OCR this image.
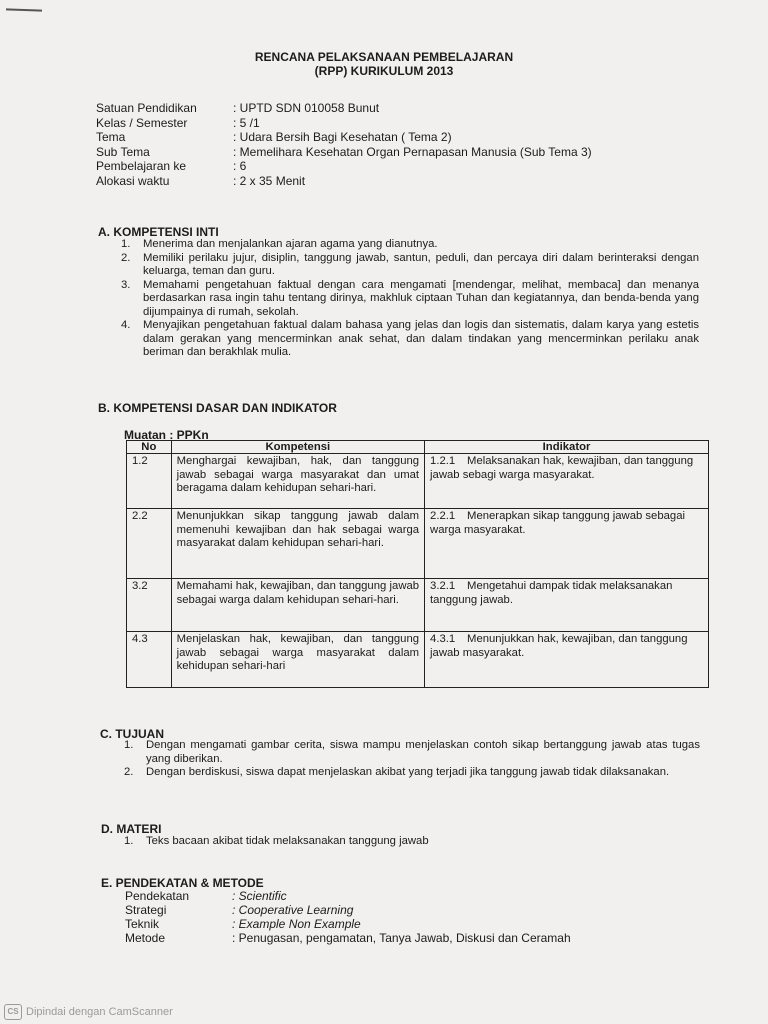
RENCANA PELAKSANAAN PEMBELAJARAN
(RPP) KURIKULUM 2013
Satuan Pendidikan	: UPTD SDN 010058 Bunut
Kelas / Semester	: 5 /1
Tema	: Udara Bersih Bagi Kesehatan ( Tema 2)
Sub Tema	: Memelihara Kesehatan Organ Pernapasan Manusia (Sub Tema 3)
Pembelajaran ke	: 6
Alokasi waktu	: 2 x 35 Menit
A. KOMPETENSI INTI
1.	Menerima dan menjalankan ajaran agama yang dianutnya.
2.	Memiliki perilaku jujur, disiplin, tanggung jawab, santun, peduli, dan percaya diri dalam berinteraksi dengan keluarga, teman dan guru.
3.	Memahami pengetahuan faktual dengan cara mengamati [mendengar, melihat, membaca] dan menanya berdasarkan rasa ingin tahu tentang dirinya, makhluk ciptaan Tuhan dan kegiatannya, dan benda-benda yang dijumpainya di rumah, sekolah.
4.	Menyajikan pengetahuan faktual dalam bahasa yang jelas dan logis dan sistematis, dalam karya yang estetis dalam gerakan yang mencerminkan anak sehat, dan dalam tindakan yang mencerminkan perilaku anak beriman dan berakhlak mulia.
B. KOMPETENSI DASAR DAN INDIKATOR
Muatan : PPKn
No	Kompetensi	Indikator
1.2	Menghargai kewajiban, hak, dan tanggung jawab sebagai warga masyarakat dan umat beragama dalam kehidupan sehari-hari.	1.2.1 Melaksanakan hak, kewajiban, dan tanggung jawab sebagi warga masyarakat.
2.2	Menunjukkan sikap tanggung jawab dalam memenuhi kewajiban dan hak sebagai warga masyarakat dalam kehidupan sehari-hari.	2.2.1 Menerapkan sikap tanggung jawab sebagai warga masyarakat.
3.2	Memahami hak, kewajiban, dan tanggung jawab sebagai warga dalam kehidupan sehari-hari.	3.2.1 Mengetahui dampak tidak melaksanakan tanggung jawab.
4.3	Menjelaskan hak, kewajiban, dan tanggung jawab sebagai warga masyarakat dalam kehidupan sehari-hari	4.3.1 Menunjukkan hak, kewajiban, dan tanggung jawab masyarakat.
C. TUJUAN
1.	Dengan mengamati gambar cerita, siswa mampu menjelaskan contoh sikap bertanggung jawab atas tugas yang diberikan.
2.	Dengan berdiskusi, siswa dapat menjelaskan akibat yang terjadi jika tanggung jawab tidak dilaksanakan.
D. MATERI
1.	Teks bacaan akibat tidak melaksanakan tanggung jawab
E. PENDEKATAN & METODE
Pendekatan	: Scientific
Strategi	: Cooperative Learning
Teknik	: Example Non Example
Metode	: Penugasan, pengamatan, Tanya Jawab, Diskusi dan Ceramah
CS Dipindai dengan CamScanner
